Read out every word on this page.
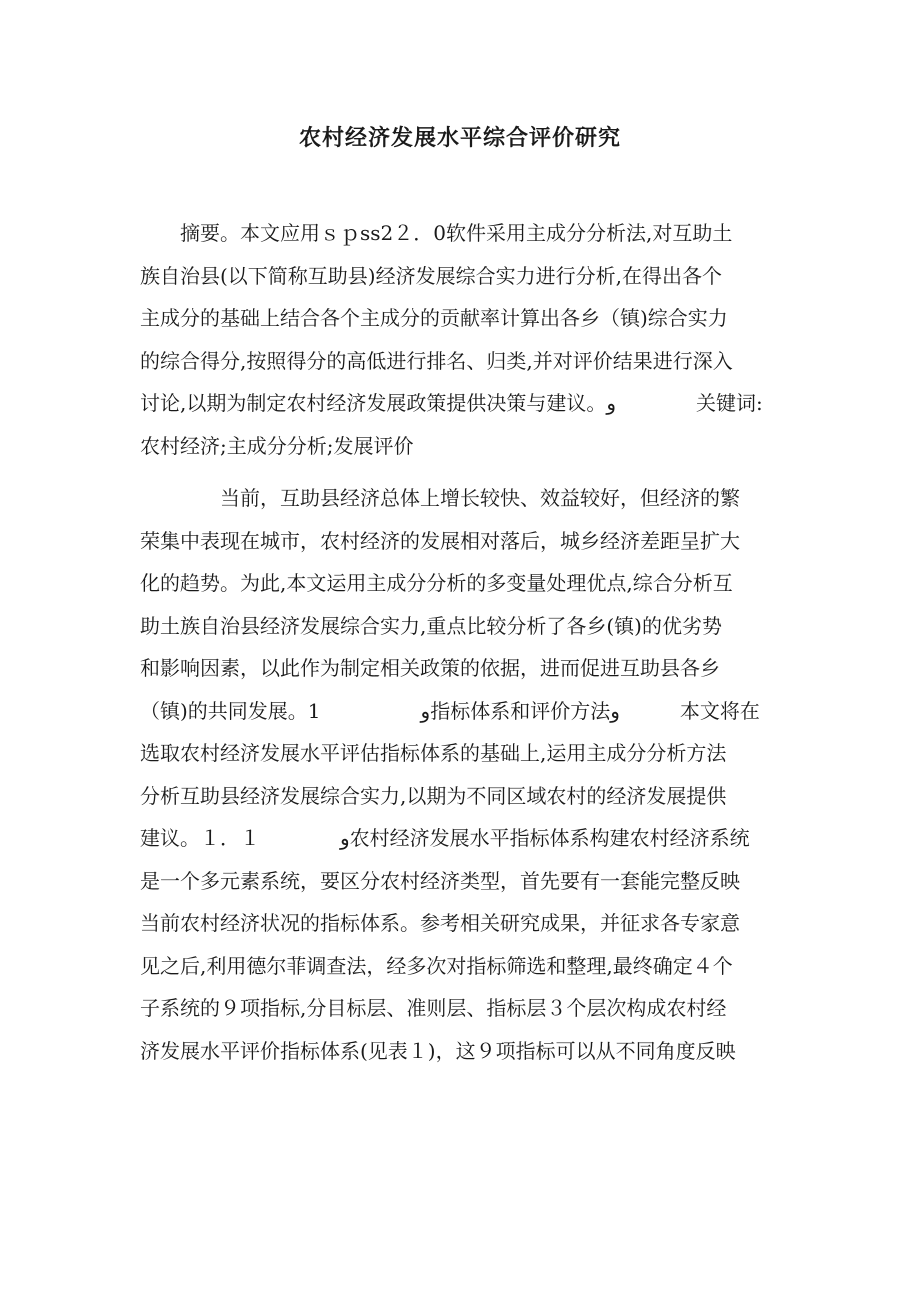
农村经济发展水平综合评价研究
　　摘要。本文应用ｓｐss2２．0软件采用主成分分析法,对互助土
族自治县(以下简称互助县)经济发展综合实力进行分析,在得出各个
主成分的基础上结合各个主成分的贡献率计算出各乡（镇)综合实力
的综合得分,按照得分的高低进行排名、归类,并对评价结果进行深入
讨论,以期为制定农村经济发展政策提供决策与建议。و　　　　关键词:
农村经济;主成分分析;发展评价
　　　　当前，互助县经济总体上增长较快、效益较好，但经济的繁
荣集中表现在城市，农村经济的发展相对落后，城乡经济差距呈扩大
化的趋势。为此,本文运用主成分分析的多变量处理优点,综合分析互
助土族自治县经济发展综合实力,重点比较分析了各乡(镇)的优劣势
和影响因素，以此作为制定相关政策的依据，进而促进互助县各乡
（镇)的共同发展。1　　　　　و指标体系和评价方法و　　　本文将在
选取农村经济发展水平评估指标体系的基础上,运用主成分分析方法
分析互助县经济发展综合实力,以期为不同区域农村的经济发展提供
建议。１．１　　　　و农村经济发展水平指标体系构建农村经济系统
是一个多元素系统，要区分农村经济类型，首先要有一套能完整反映
当前农村经济状况的指标体系。参考相关研究成果，并征求各专家意
见之后,利用德尔菲调查法，经多次对指标筛选和整理,最终确定４个
子系统的９项指标,分目标层、准则层、指标层３个层次构成农村经
济发展水平评价指标体系(见表１)，这９项指标可以从不同角度反映
